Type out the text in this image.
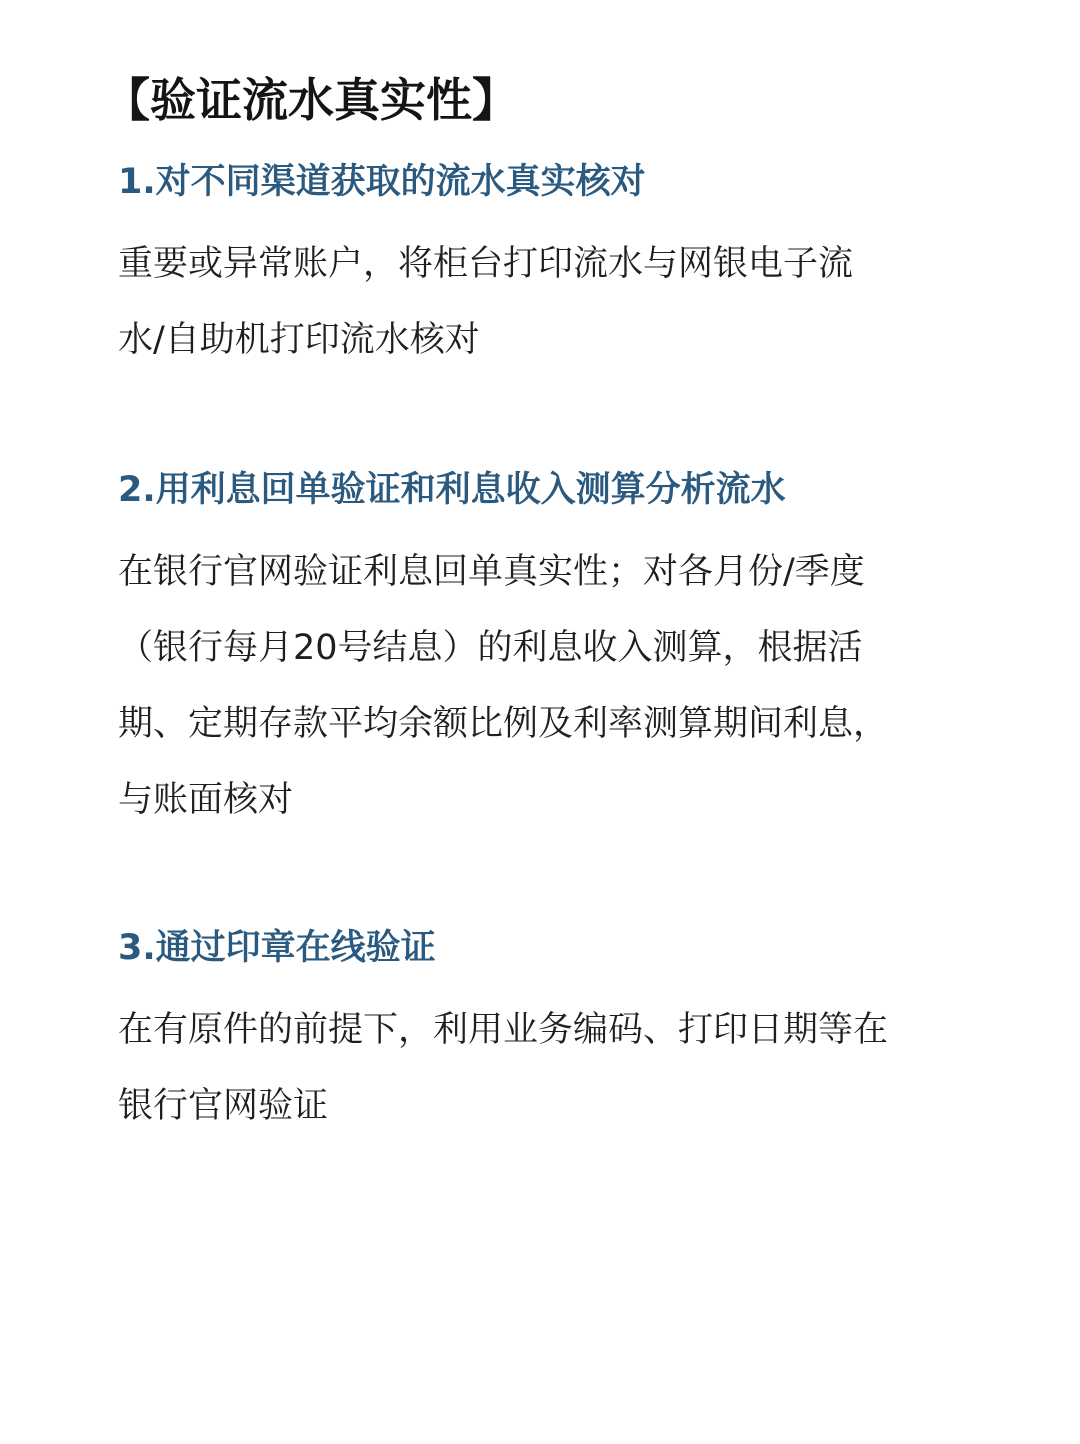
【验证流水真实性】
1.对不同渠道获取的流水真实核对
重要或异常账户，将柜台打印流水与网银电子流
水/自助机打印流水核对
2.用利息回单验证和利息收入测算分析流水
在银行官网验证利息回单真实性；对各月份/季度
（银行每月20号结息）的利息收入测算，根据活
期、定期存款平均余额比例及利率测算期间利息，
与账面核对
3.通过印章在线验证
在有原件的前提下，利用业务编码、打印日期等在
银行官网验证
